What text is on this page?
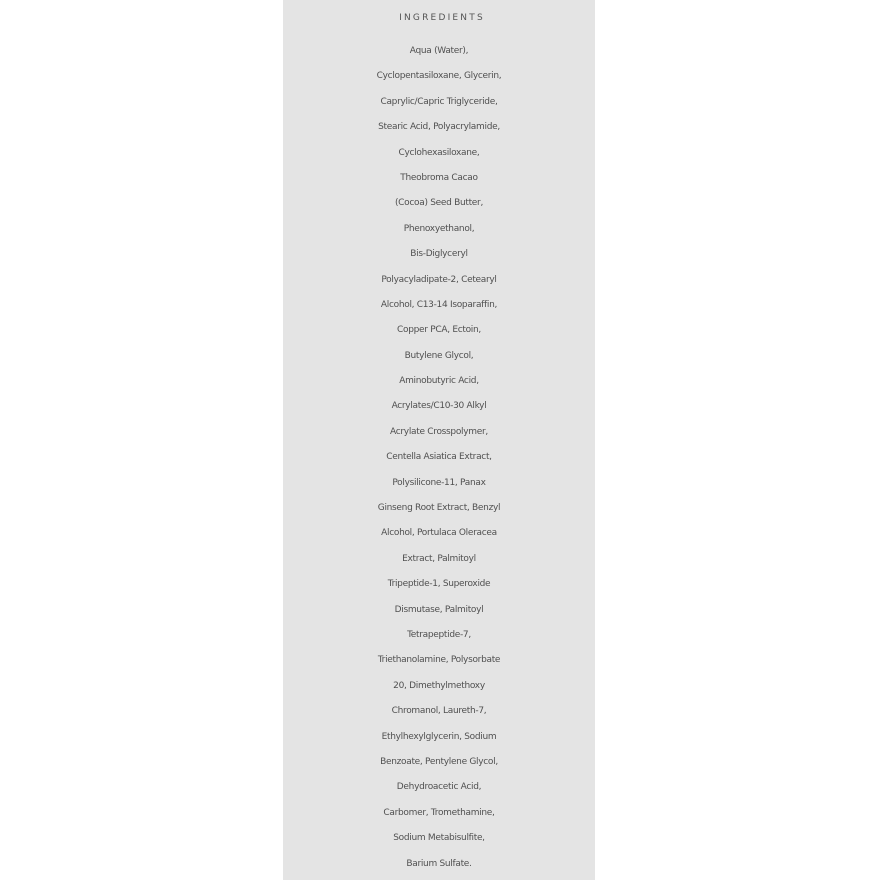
INGREDIENTS
Aqua (Water),
Cyclopentasiloxane, Glycerin,
Caprylic/Capric Triglyceride,
Stearic Acid, Polyacrylamide,
Cyclohexasiloxane,
Theobroma Cacao
(Cocoa) Seed Butter,
Phenoxyethanol,
Bis-Diglyceryl
Polyacyladipate-2, Cetearyl
Alcohol, C13-14 Isoparaffin,
Copper PCA, Ectoin,
Butylene Glycol,
Aminobutyric Acid,
Acrylates/C10-30 Alkyl
Acrylate Crosspolymer,
Centella Asiatica Extract,
Polysilicone-11, Panax
Ginseng Root Extract, Benzyl
Alcohol, Portulaca Oleracea
Extract, Palmitoyl
Tripeptide-1, Superoxide
Dismutase, Palmitoyl
Tetrapeptide-7,
Triethanolamine, Polysorbate
20, Dimethylmethoxy
Chromanol, Laureth-7,
Ethylhexylglycerin, Sodium
Benzoate, Pentylene Glycol,
Dehydroacetic Acid,
Carbomer, Tromethamine,
Sodium Metabisulfite,
Barium Sulfate.
